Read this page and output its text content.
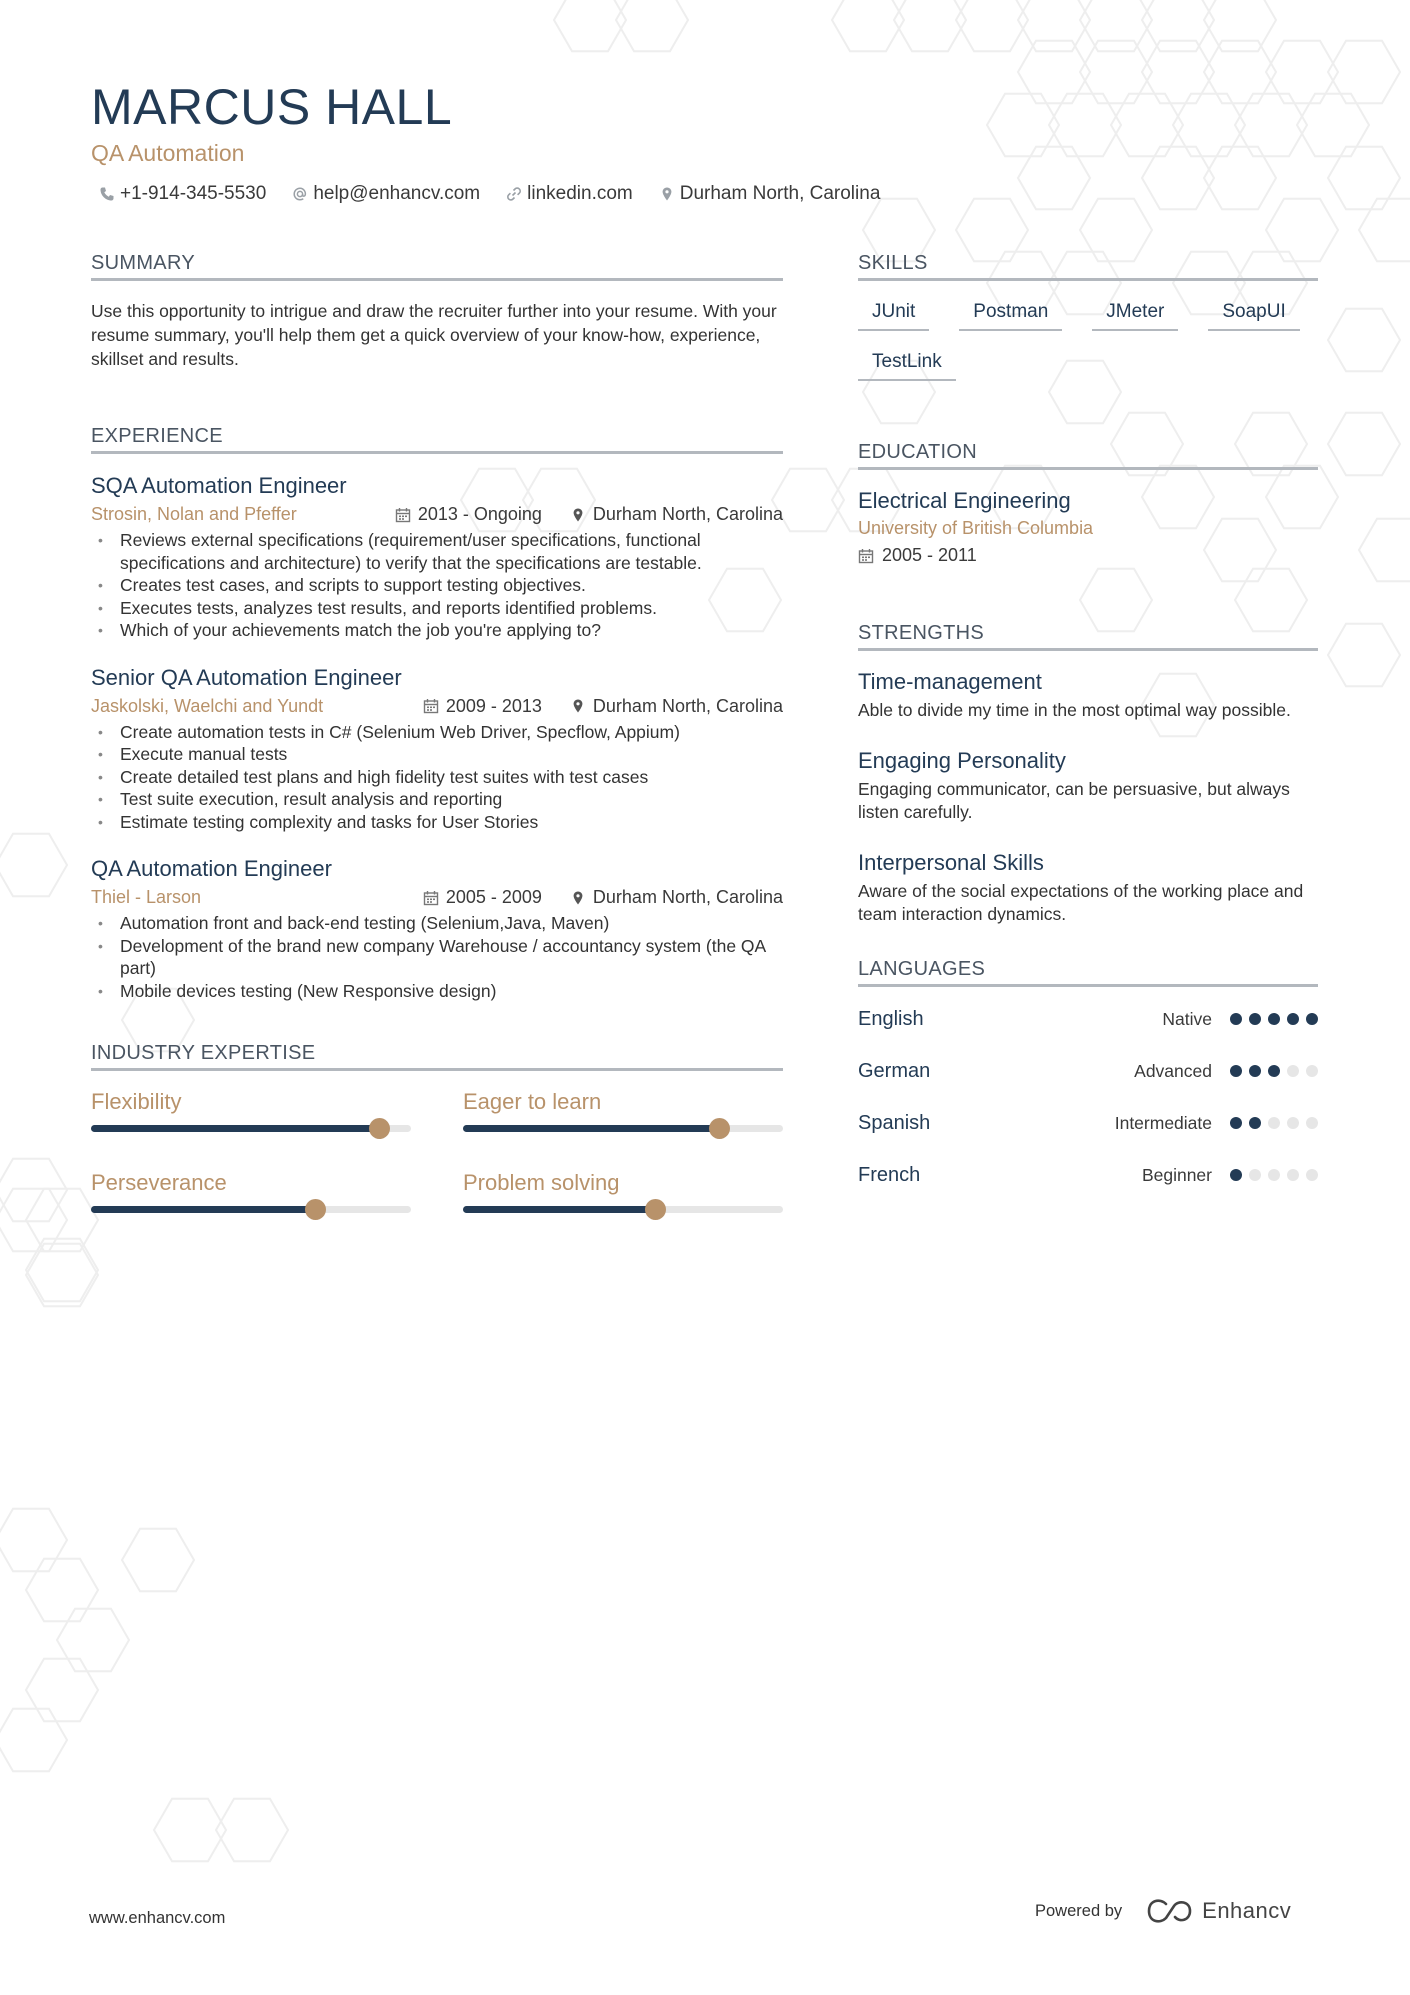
MARCUS HALL
QA Automation
+1-914-345-5530 help@enhancv.com linkedin.com Durham North, Carolina
SUMMARY
Use this opportunity to intrigue and draw the recruiter further into your resume. With your resume summary, you'll help them get a quick overview of your know-how, experience, skillset and results.
EXPERIENCE
SQA Automation Engineer
Strosin, Nolan and Pfeffer	2013 - Ongoing	Durham North, Carolina
• Reviews external specifications (requirement/user specifications, functional specifications and architecture) to verify that the specifications are testable.
• Creates test cases, and scripts to support testing objectives.
• Executes tests, analyzes test results, and reports identified problems.
• Which of your achievements match the job you're applying to?
Senior QA Automation Engineer
Jaskolski, Waelchi and Yundt	2009 - 2013	Durham North, Carolina
• Create automation tests in C# (Selenium Web Driver, Specflow, Appium)
• Execute manual tests
• Create detailed test plans and high fidelity test suites with test cases
• Test suite execution, result analysis and reporting
• Estimate testing complexity and tasks for User Stories
QA Automation Engineer
Thiel - Larson	2005 - 2009	Durham North, Carolina
• Automation front and back-end testing (Selenium,Java, Maven)
• Development of the brand new company Warehouse / accountancy system (the QA part)
• Mobile devices testing (New Responsive design)
INDUSTRY EXPERTISE
Flexibility	Eager to learn
Perseverance	Problem solving
SKILLS
JUnit	Postman	JMeter	SoapUI
TestLink
EDUCATION
Electrical Engineering
University of British Columbia
2005 - 2011
STRENGTHS
Time-management
Able to divide my time in the most optimal way possible.
Engaging Personality
Engaging communicator, can be persuasive, but always listen carefully.
Interpersonal Skills
Aware of the social expectations of the working place and team interaction dynamics.
LANGUAGES
English	Native
German	Advanced
Spanish	Intermediate
French	Beginner
www.enhancv.com	Powered by	Enhancv
